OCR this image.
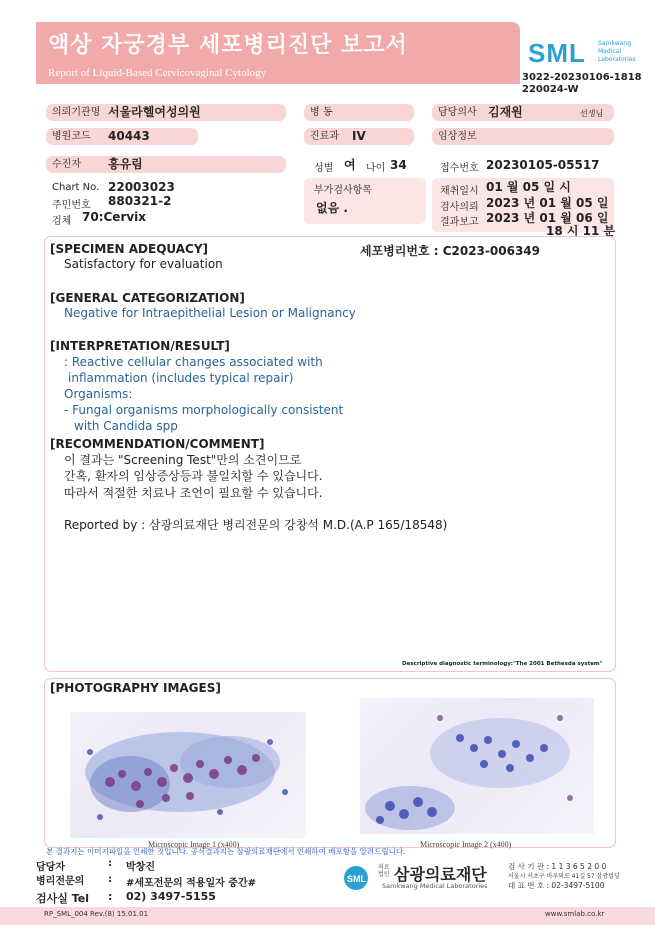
액상 자궁경부 세포병리진단 보고서
Report of Liquid-Based Cervicovaginal Cytology
SML Samkwang Medical Laboratories
3022-20230106-1818
220024-W
의뢰기관명 서울라헬여성의원	병 동	담당의사 김재원	선생님
병원코드	40443	진료과	IV	임상정보
수진자	홍유림	성별 여 나이 34	접수번호 20230105-05517
Chart No. 22003023
주민번호 880321-2
검체 70:Cervix
부가검사항목
없음 .
채취일시 01 월 05 일 시
검사의뢰 2023 년 01 월 05 일
결과보고 2023 년 01 월 06 일
18 시 11 분
[SPECIMEN ADEQUACY]	세포병리번호 : C2023-006349
Satisfactory for evaluation
[GENERAL CATEGORIZATION]
Negative for Intraepithelial Lesion or Malignancy
[INTERPRETATION/RESULT]
: Reactive cellular changes associated with
inflammation (includes typical repair)
Organisms:
- Fungal organisms morphologically consistent
with Candida spp
[RECOMMENDATION/COMMENT]
이 결과는 "Screening Test"만의 소견이므로
간혹, 환자의 임상증상등과 불일치할 수 있습니다.
따라서 적절한 치료나 조언이 필요할 수 있습니다.
Reported by : 삼광의료재단 병리전문의 강창석 M.D.(A.P 165/18548)
Descriptive diagnostic terminology:"The 2001 Bethesda system"
[PHOTOGRAPHY IMAGES]
Microscopic Image 1 (x400)	Microscopic Image 2 (x400)
본 결과지는 이미지파일을 인쇄한 것입니다. 공식결과지는 삼광의료재단에서 인쇄하여 배포함을 알려드립니다.
담당자	: 박창진
병리전문의 : #세포전문의 적용일자 중간#
검사실 Tel : 02) 3497-5155
SML
의료
법인 삼광의료재단
Samkwang Medical Laboratories
검 사 기 관 : 1 1 3 6 5 2 0 0
서울시 서초구 바우뫼로 41길 57 삼광빌딩
대 표 번 호 : 02-3497-5100
RP_SML_004 Rev.(8) 15.01.01	www.smlab.co.kr
